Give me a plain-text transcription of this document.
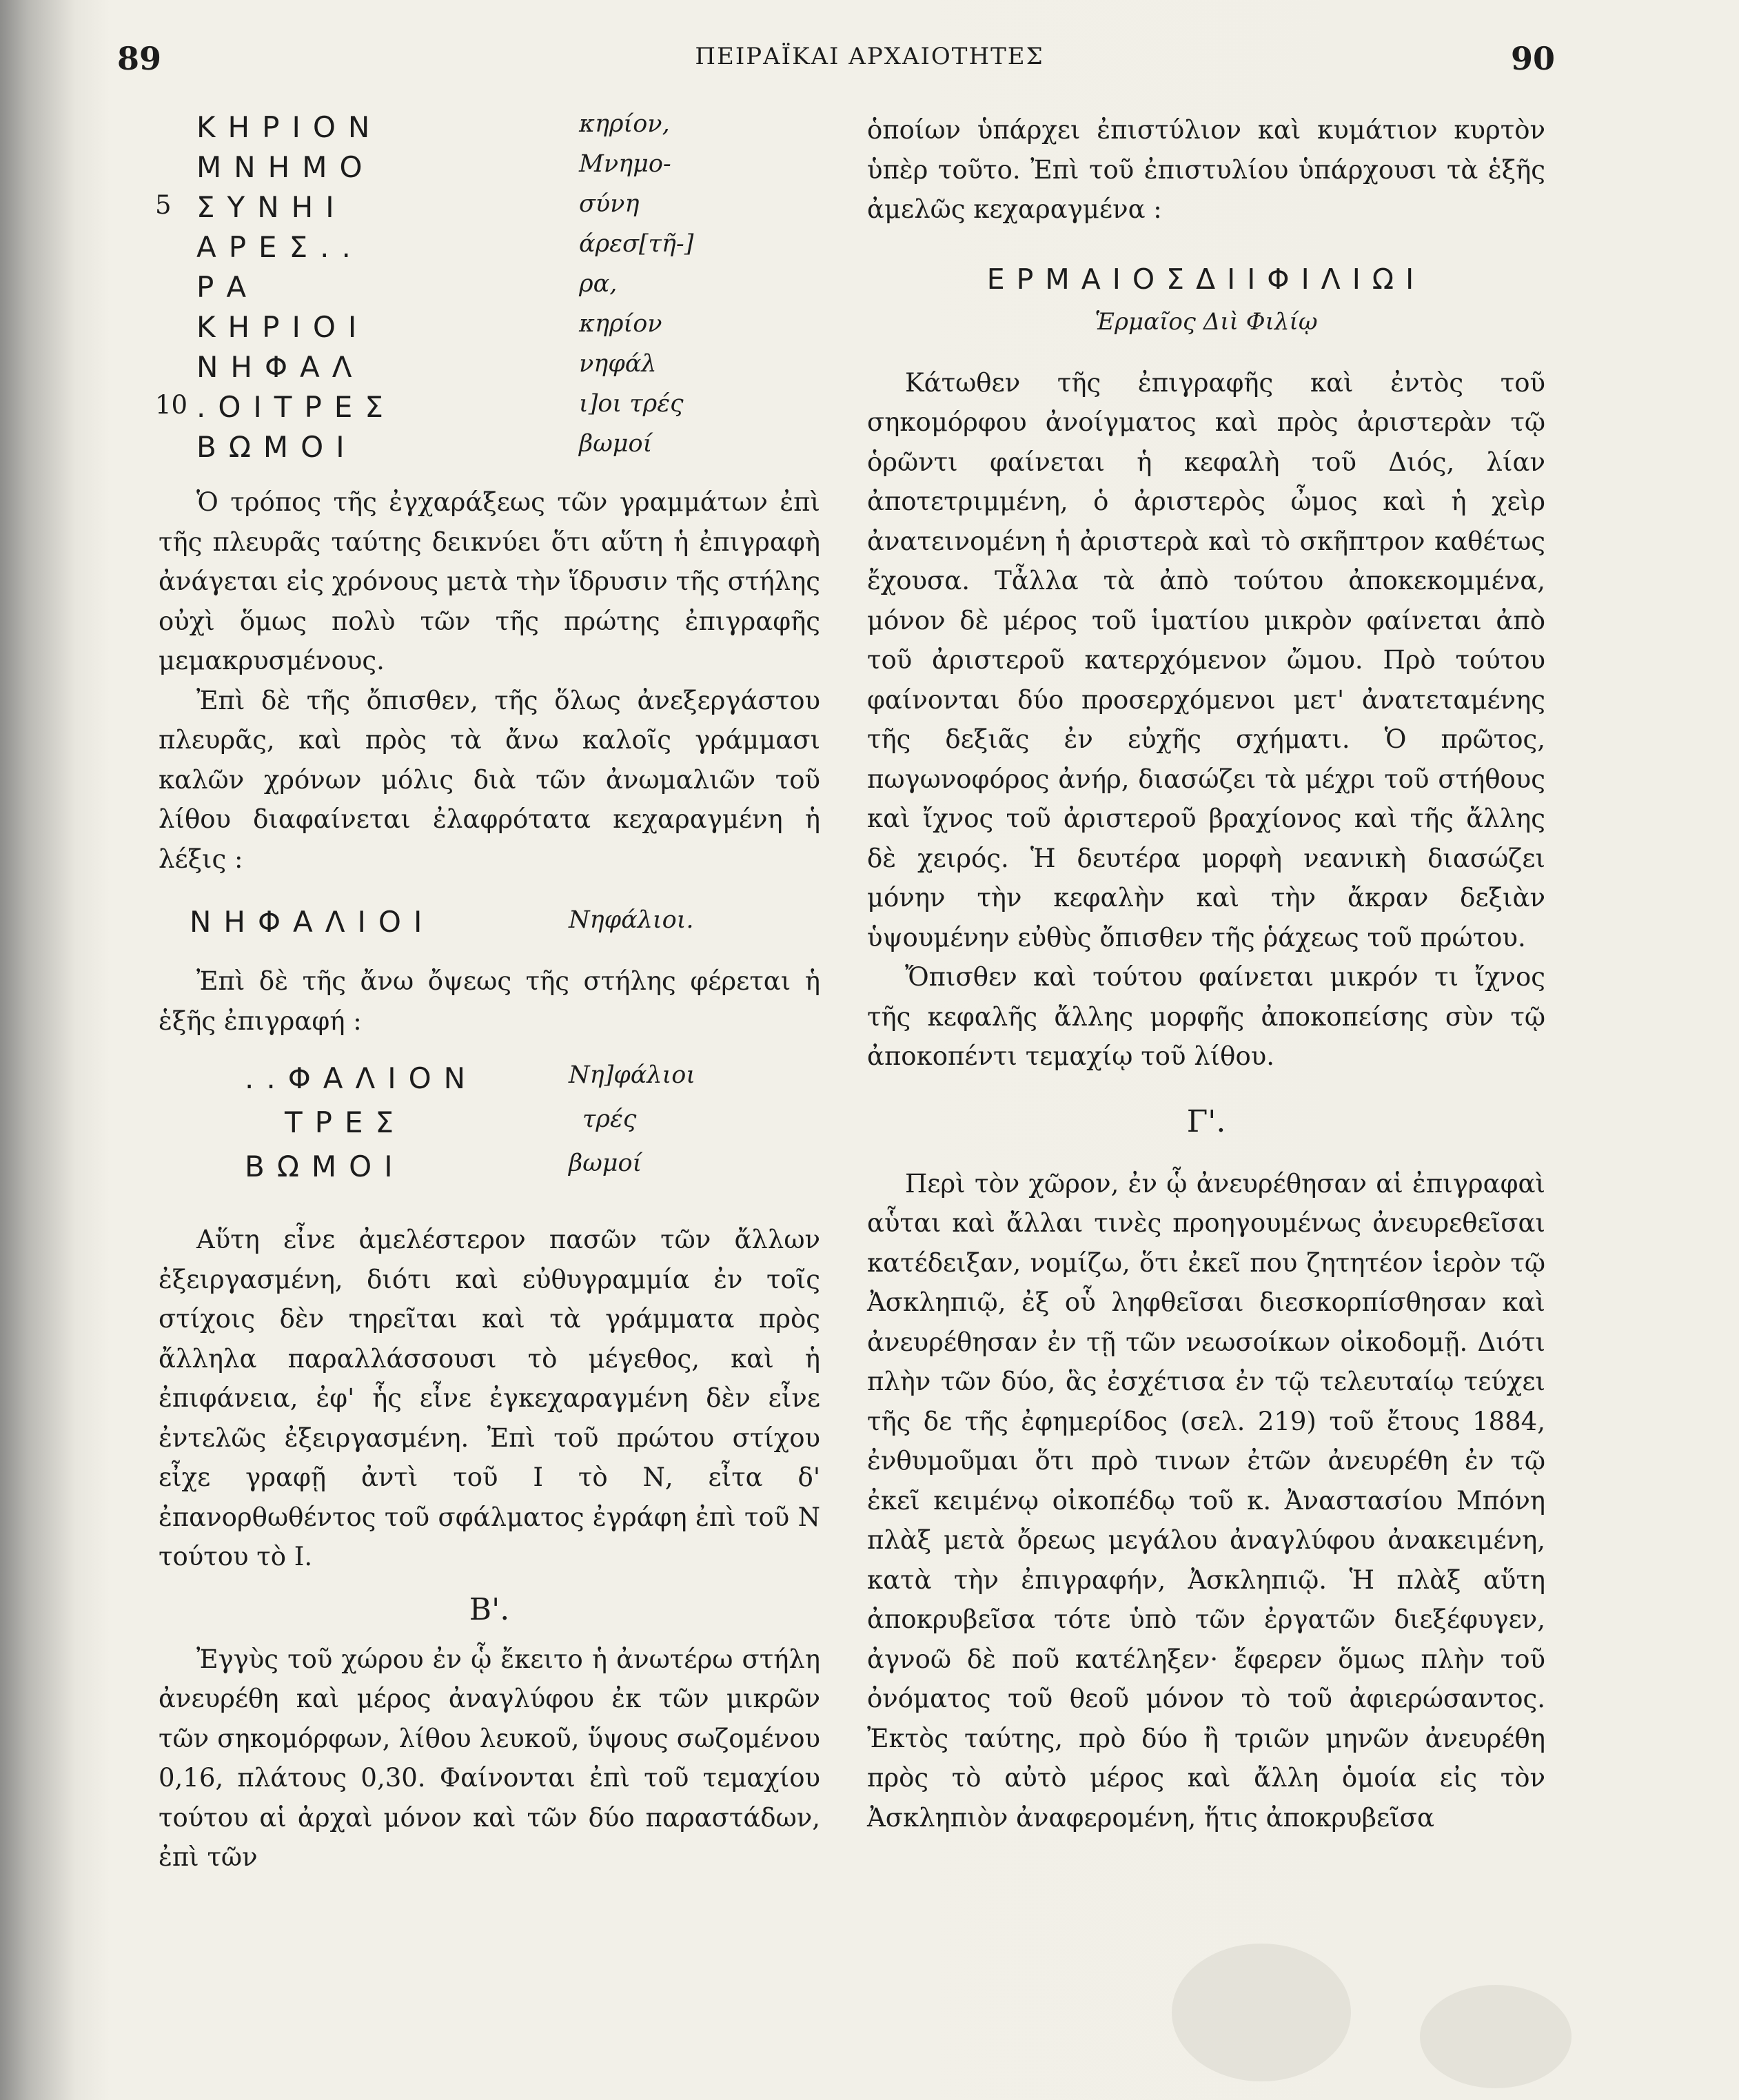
89	ΠΕΙΡΑΪΚΑΙ ΑΡΧΑΙΟΤΗΤΕΣ	90
ΚΗΡΙΟΝ	κηρίον,
ΜΝΗΜΟ	Μνημο-
5 ΣΥΝΗΙ	σύνη
ΑΡΕΣ..	άρεσ[τῆ-]
ΡΑ	ρα,
ΚΗΡΙΟΙ	κηρίον
ΝΗΦΑΛ	νηφάλ
10 .ΟΙΤΡΕΣ	ι]οι τρές
ΒΩΜΟΙ	βωμοί

Ὁ τρόπος τῆς ἐγχαράξεως τῶν γραμμάτων ἐπὶ τῆς πλευρᾶς ταύτης δεικνύει ὅτι αὕτη ἡ ἐπιγραφὴ ἀνάγεται εἰς χρόνους μετὰ τὴν ἵδρυσιν τῆς στήλης οὐχὶ ὅμως πολὺ τῶν τῆς πρώτης ἐπιγραφῆς μεμακρυσμένους.

Ἐπὶ δὲ τῆς ὄπισθεν, τῆς ὅλως ἀνεξεργάστου πλευρᾶς, καὶ πρὸς τὰ ἄνω καλοῖς γράμμασι καλῶν χρόνων μόλις διὰ τῶν ἀνωμαλιῶν τοῦ λίθου διαφαίνεται ἐλαφρότατα κεχαραγμένη ἡ λέξις :

ΝΗΦΑΛΙΟΙ	Νηφάλιοι.

Ἐπὶ δὲ τῆς ἄνω ὄψεως τῆς στήλης φέρεται ἡ ἑξῆς ἐπιγραφή :

..ΦΑΛΙΟΝ	Νη]φάλιοι
ΤΡΕΣ	τρές
ΒΩΜΟΙ	βωμοί

Αὕτη εἶνε ἀμελέστερον πασῶν τῶν ἄλλων ἐξειργασμένη, διότι καὶ εὐθυγραμμία ἐν τοῖς στίχοις δὲν τηρεῖται καὶ τὰ γράμματα πρὸς ἄλληλα παραλλάσσουσι τὸ μέγεθος, καὶ ἡ ἐπιφάνεια, ἐφ' ἧς εἶνε ἐγκεχαραγμένη δὲν εἶνε ἐντελῶς ἐξειργασμένη. Ἐπὶ τοῦ πρώτου στίχου εἶχε γραφῇ ἀντὶ τοῦ Ι τὸ Ν, εἶτα δ' ἐπανορθωθέντος τοῦ σφάλματος ἐγράφη ἐπὶ τοῦ Ν τούτου τὸ Ι.

Β'.

Ἐγγὺς τοῦ χώρου ἐν ᾧ ἔκειτο ἡ ἀνωτέρω στήλη ἀνευρέθη καὶ μέρος ἀναγλύφου ἐκ τῶν μικρῶν τῶν σηκομόρφων, λίθου λευκοῦ, ὕψους σωζομένου 0,16, πλάτους 0,30. Φαίνονται ἐπὶ τοῦ τεμαχίου τούτου αἱ ἀρχαὶ μόνον καὶ τῶν δύο παραστάδων, ἐπὶ τῶν

ὁποίων ὑπάρχει ἐπιστύλιον καὶ κυμάτιον κυρτὸν ὑπὲρ τοῦτο. Ἐπὶ τοῦ ἐπιστυλίου ὑπάρχουσι τὰ ἑξῆς ἀμελῶς κεχαραγμένα :

ΕΡΜΑΙΟΣΔΙΙΦΙΛΙΩΙ
Ἑρμαῖος Διὶ Φιλίῳ

Κάτωθεν τῆς ἐπιγραφῆς καὶ ἐντὸς τοῦ σηκομόρφου ἀνοίγματος καὶ πρὸς ἀριστερὰν τῷ ὁρῶντι φαίνεται ἡ κεφαλὴ τοῦ Διός, λίαν ἀποτετριμμένη, ὁ ἀριστερὸς ὦμος καὶ ἡ χεὶρ ἀνατεινομένη ἡ ἀριστερὰ καὶ τὸ σκῆπτρον καθέτως ἔχουσα. Τἆλλα τὰ ἀπὸ τούτου ἀποκεκομμένα, μόνον δὲ μέρος τοῦ ἱματίου μικρὸν φαίνεται ἀπὸ τοῦ ἀριστεροῦ κατερχόμενον ὤμου. Πρὸ τούτου φαίνονται δύο προσερχόμενοι μετ' ἀνατεταμένης τῆς δεξιᾶς ἐν εὐχῆς σχήματι. Ὁ πρῶτος, πωγωνοφόρος ἀνήρ, διασώζει τὰ μέχρι τοῦ στήθους καὶ ἴχνος τοῦ ἀριστεροῦ βραχίονος καὶ τῆς ἄλλης δὲ χειρός. Ἡ δευτέρα μορφὴ νεανικὴ διασώζει μόνην τὴν κεφαλὴν καὶ τὴν ἄκραν δεξιὰν ὑψουμένην εὐθὺς ὄπισθεν τῆς ῥάχεως τοῦ πρώτου.

Ὄπισθεν καὶ τούτου φαίνεται μικρόν τι ἴχνος τῆς κεφαλῆς ἄλλης μορφῆς ἀποκοπείσης σὺν τῷ ἀποκοπέντι τεμαχίῳ τοῦ λίθου.

Γ'.

Περὶ τὸν χῶρον, ἐν ᾧ ἀνευρέθησαν αἱ ἐπιγραφαὶ αὗται καὶ ἄλλαι τινὲς προηγουμένως ἀνευρεθεῖσαι κατέδειξαν, νομίζω, ὅτι ἐκεῖ που ζητητέον ἱερὸν τῷ Ἀσκληπιῷ, ἐξ οὗ ληφθεῖσαι διεσκορπίσθησαν καὶ ἀνευρέθησαν ἐν τῇ τῶν νεωσοίκων οἰκοδομῇ. Διότι πλὴν τῶν δύο, ἃς ἐσχέτισα ἐν τῷ τελευταίῳ τεύχει τῆς δε τῆς ἐφημερίδος (σελ. 219) τοῦ ἔτους 1884, ἐνθυμοῦμαι ὅτι πρὸ τινων ἐτῶν ἀνευρέθη ἐν τῷ ἐκεῖ κειμένῳ οἰκοπέδῳ τοῦ κ. Ἀναστασίου Μπόνη πλὰξ μετὰ ὄρεως μεγάλου ἀναγλύφου ἀνακειμένη, κατὰ τὴν ἐπιγραφήν, Ἀσκληπιῷ. Ἡ πλὰξ αὕτη ἀποκρυβεῖσα τότε ὑπὸ τῶν ἐργατῶν διεξέφυγεν, ἀγνοῶ δὲ ποῦ κατέληξεν· ἔφερεν ὅμως πλὴν τοῦ ὀνόματος τοῦ θεοῦ μόνον τὸ τοῦ ἀφιερώσαντος. Ἐκτὸς ταύτης, πρὸ δύο ἢ τριῶν μηνῶν ἀνευρέθη πρὸς τὸ αὐτὸ μέρος καὶ ἄλλη ὁμοία εἰς τὸν Ἀσκληπιὸν ἀναφερομένη, ἥτις ἀποκρυβεῖσα
